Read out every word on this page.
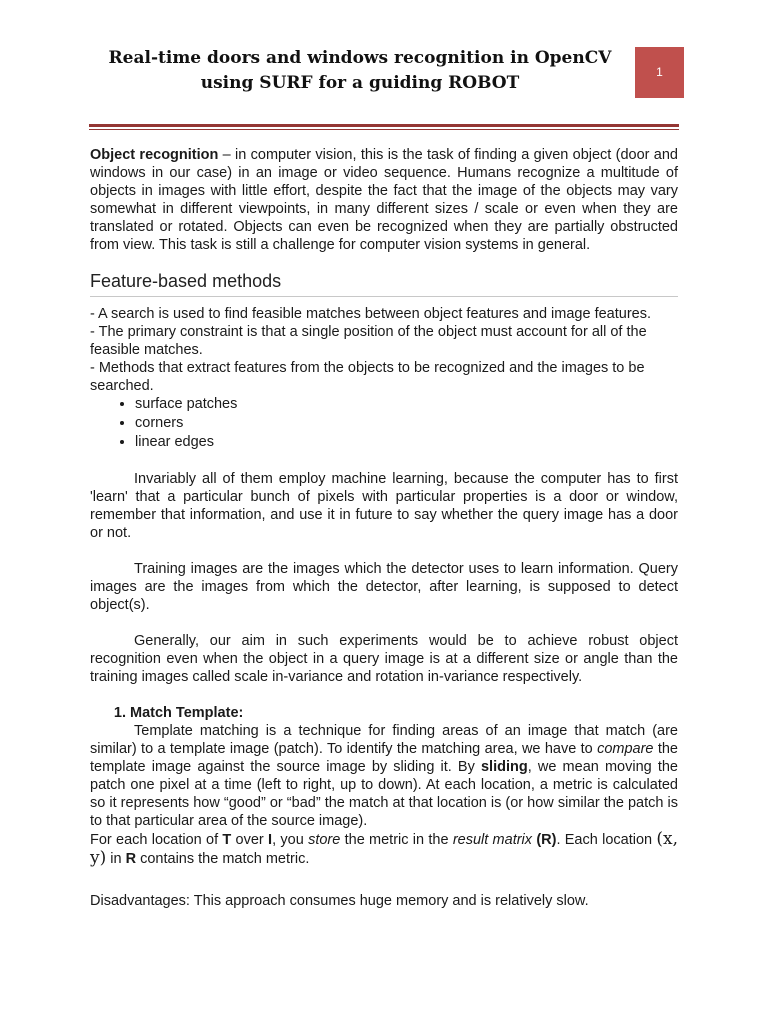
Real-time doors and windows recognition in OpenCV
using SURF for a guiding ROBOT
1

Object recognition – in computer vision, this is the task of finding a given object (door and windows in our case) in an image or video sequence. Humans recognize a multitude of objects in images with little effort, despite the fact that the image of the objects may vary somewhat in different viewpoints, in many different sizes / scale or even when they are translated or rotated. Objects can even be recognized when they are partially obstructed from view. This task is still a challenge for computer vision systems in general.

Feature-based methods

- A search is used to find feasible matches between object features and image features.

- The primary constraint is that a single position of the object must account for all of the feasible matches.

- Methods that extract features from the objects to be recognized and the images to be searched.

• surface patches
• corners
• linear edges

Invariably all of them employ machine learning, because the computer has to first 'learn' that a particular bunch of pixels with particular properties is a door or window, remember that information, and use it in future to say whether the query image has a door or not.

Training images are the images which the detector uses to learn information. Query images are the images from which the detector, after learning, is supposed to detect object(s).

Generally, our aim in such experiments would be to achieve robust object recognition even when the object in a query image is at a different size or angle than the training images called scale in-variance and rotation in-variance respectively.

1. Match Template:

Template matching is a technique for finding areas of an image that match (are similar) to a template image (patch). To identify the matching area, we have to compare the template image against the source image by sliding it. By sliding, we mean moving the patch one pixel at a time (left to right, up to down). At each location, a metric is calculated so it represents how “good” or “bad” the match at that location is (or how similar the patch is to that particular area of the source image).

For each location of T over I, you store the metric in the result matrix (R). Each location (x, y) in R contains the match metric.

Disadvantages: This approach consumes huge memory and is relatively slow.
